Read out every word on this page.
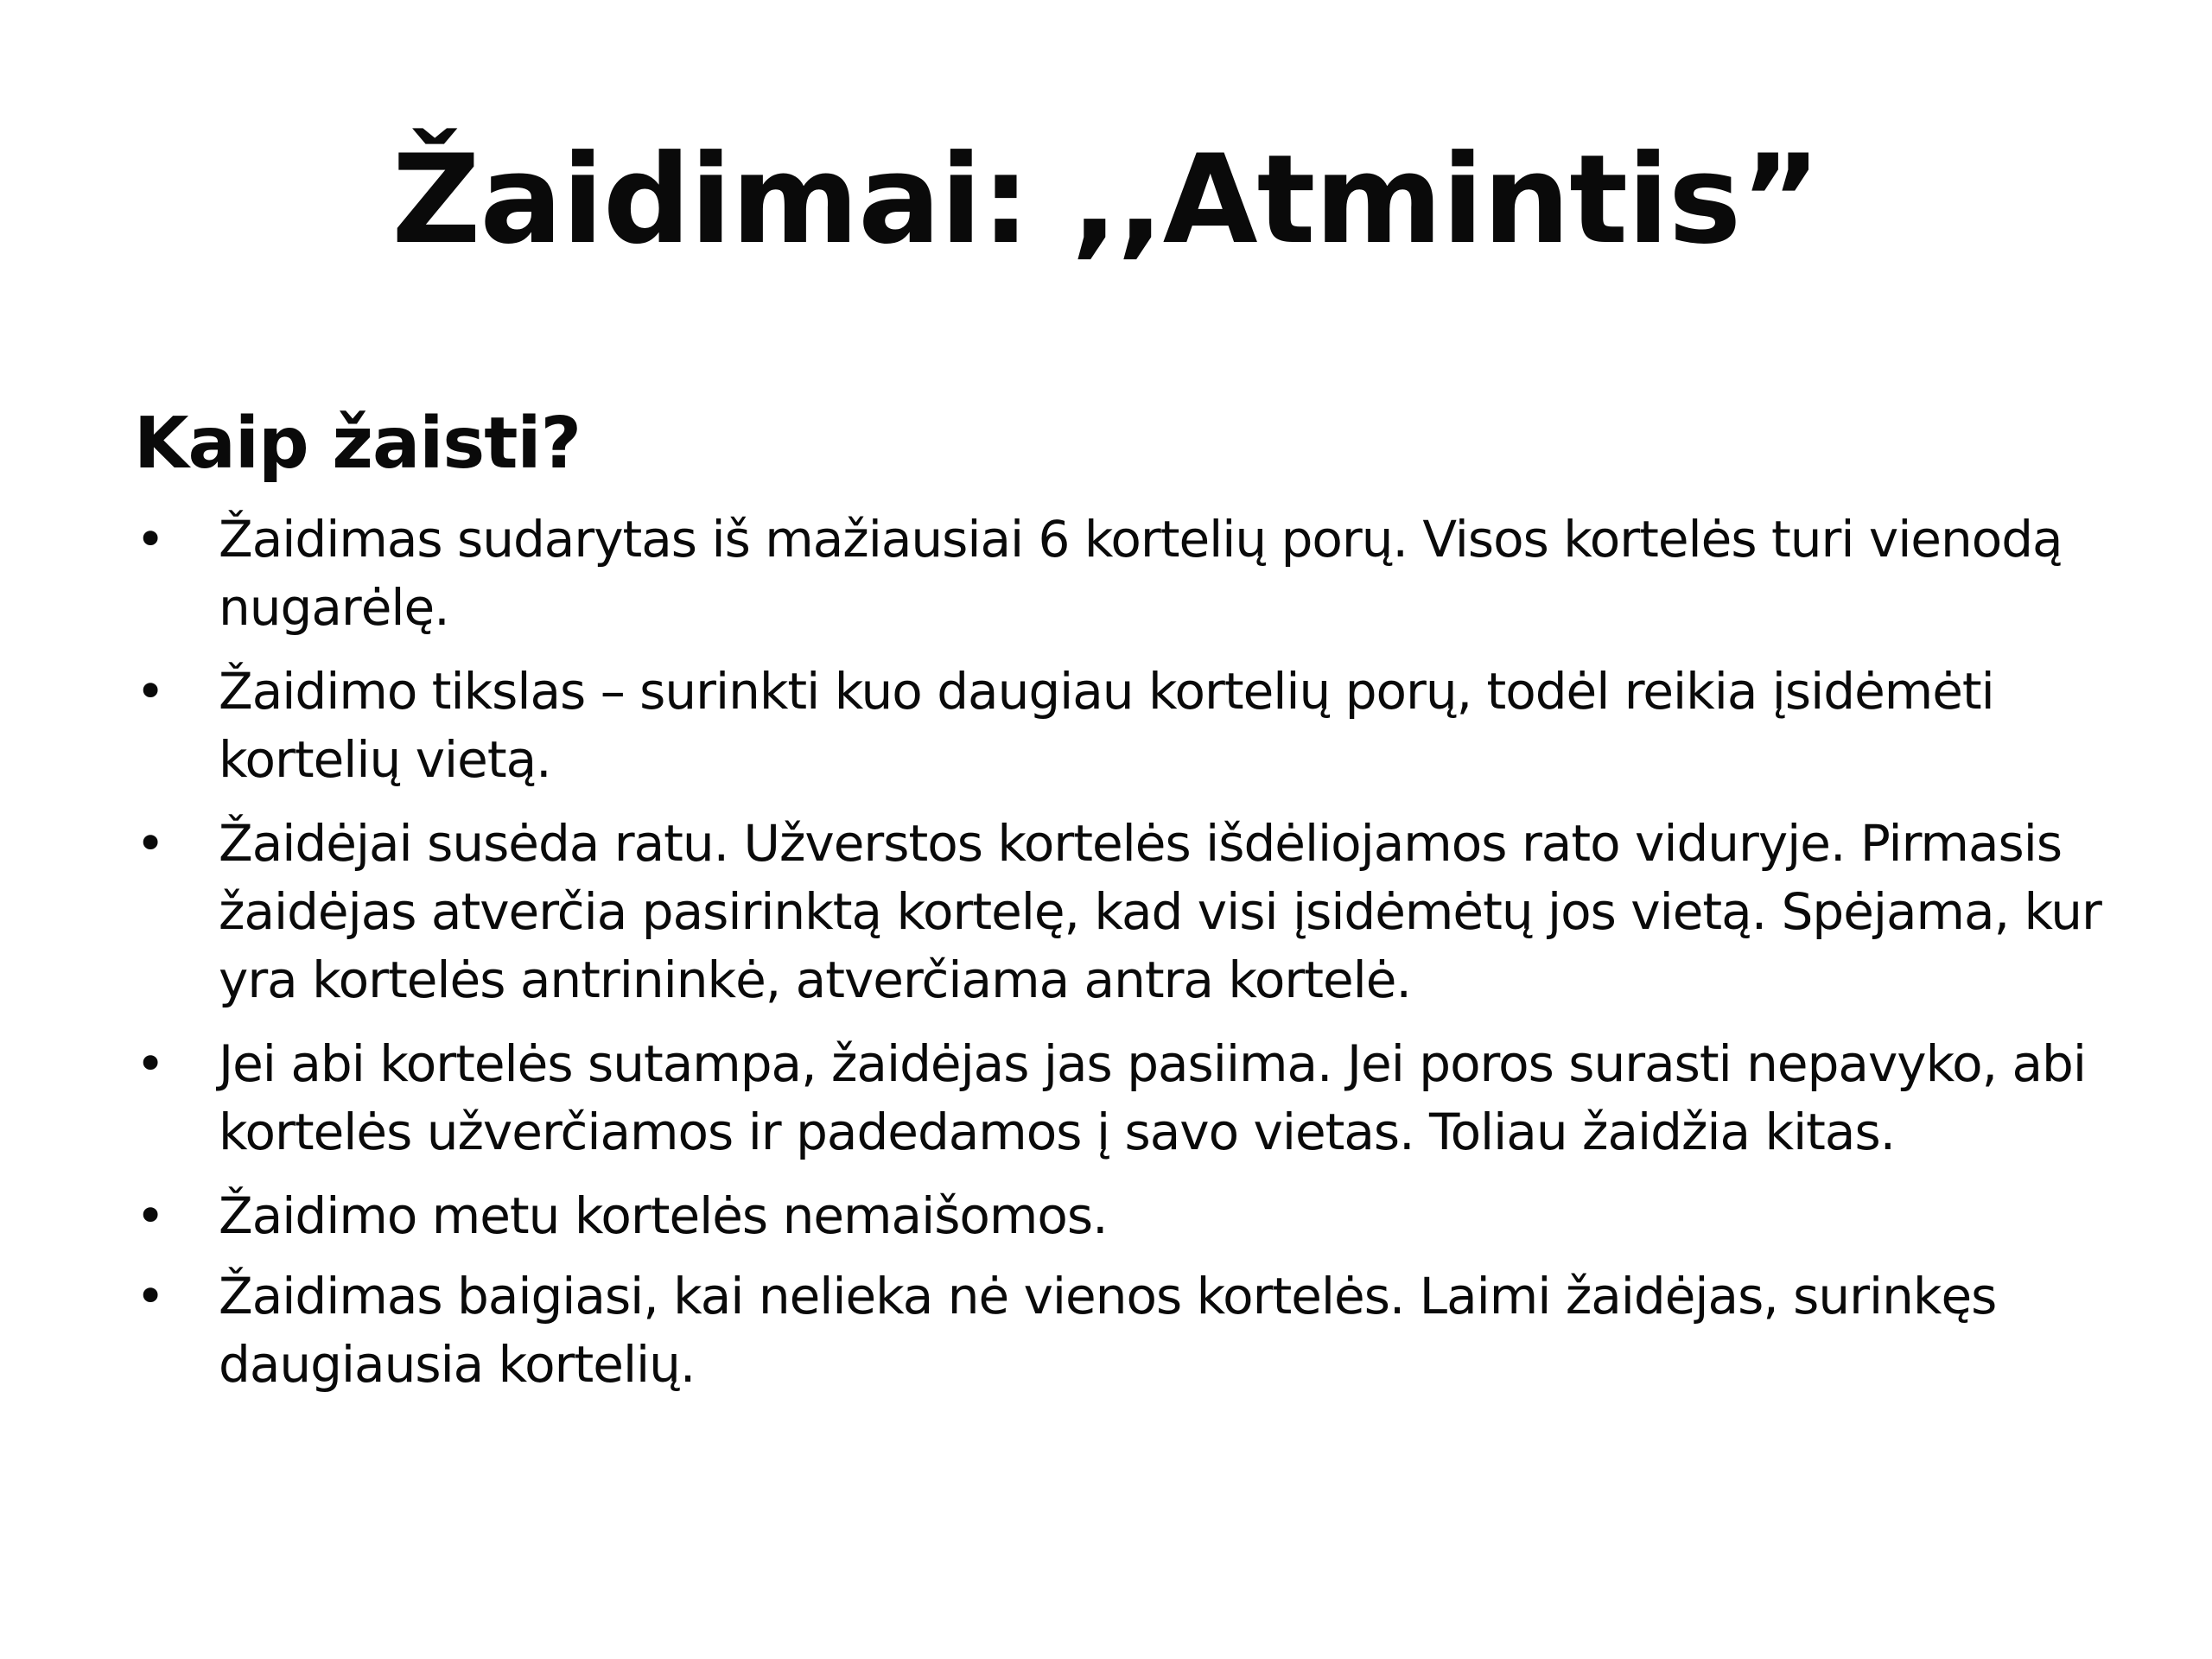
Žaidimai: ,,Atmintis”
Kaip žaisti?
• Žaidimas sudarytas iš mažiausiai 6 kortelių porų. Visos kortelės turi vienodą nugarėlę.
• Žaidimo tikslas – surinkti kuo daugiau kortelių porų, todėl reikia įsidėmėti kortelių vietą.
• Žaidėjai susėda ratu. Užverstos kortelės išdėliojamos rato viduryje. Pirmasis žaidėjas atverčia pasirinktą kortelę, kad visi įsidėmėtų jos vietą. Spėjama, kur yra kortelės antrininkė, atverčiama antra kortelė.
• Jei abi kortelės sutampa, žaidėjas jas pasiima. Jei poros surasti nepavyko, abi kortelės užverčiamos ir padedamos į savo vietas. Toliau žaidžia kitas.
• Žaidimo metu kortelės nemaišomos.
• Žaidimas baigiasi, kai nelieka nė vienos kortelės. Laimi žaidėjas, surinkęs daugiausia kortelių.
